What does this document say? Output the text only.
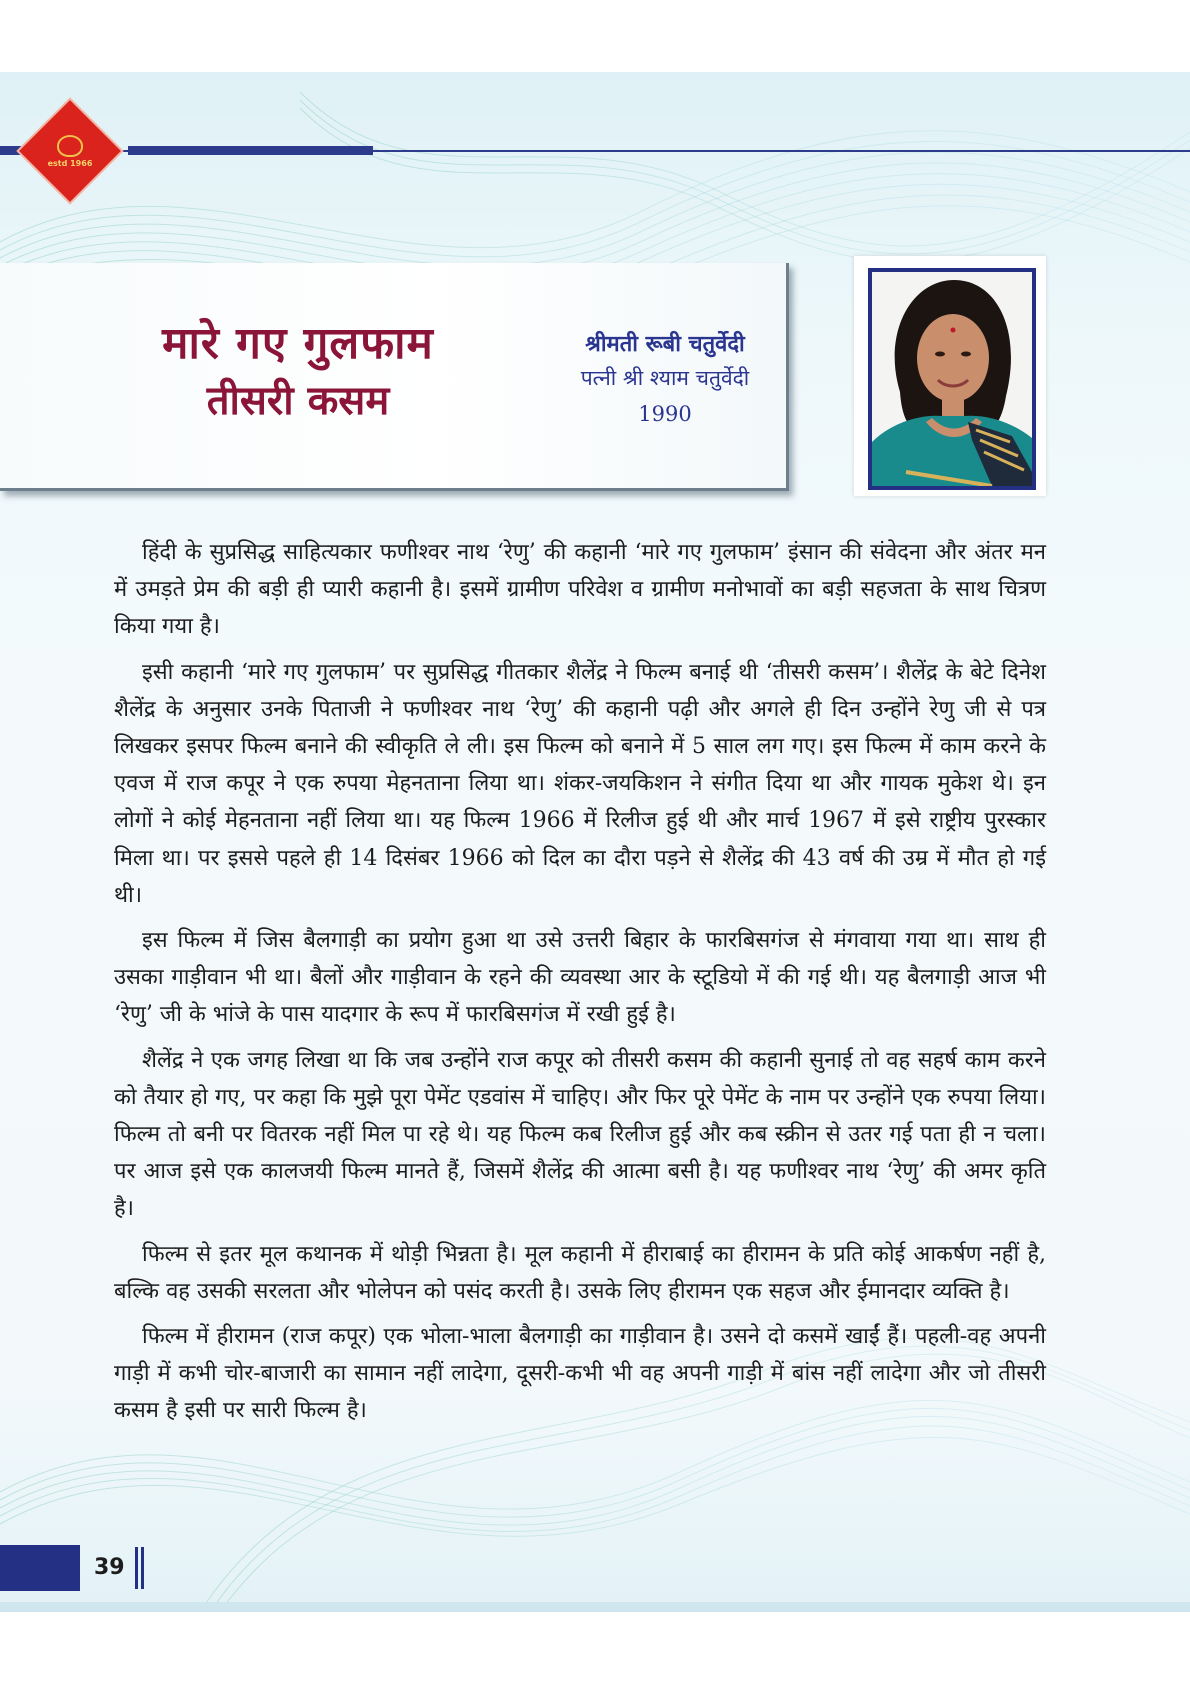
estd 1966
मारे गए गुलफाम
तीसरी कसम
श्रीमती रूबी चतुर्वेदी
पत्नी श्री श्याम चतुर्वेदी
1990

हिंदी के सुप्रसिद्ध साहित्यकार फणीश्वर नाथ ‘रेणु’ की कहानी ‘मारे गए गुलफाम’ इंसान की संवेदना और अंतर मन में उमड़ते प्रेम की बड़ी ही प्यारी कहानी है। इसमें ग्रामीण परिवेश व ग्रामीण मनोभावों का बड़ी सहजता के साथ चित्रण किया गया है।

इसी कहानी ‘मारे गए गुलफाम’ पर सुप्रसिद्ध गीतकार शैलेंद्र ने फिल्म बनाई थी ‘तीसरी कसम’। शैलेंद्र के बेटे दिनेश शैलेंद्र के अनुसार उनके पिताजी ने फणीश्वर नाथ ‘रेणु’ की कहानी पढ़ी और अगले ही दिन उन्होंने रेणु जी से पत्र लिखकर इसपर फिल्म बनाने की स्वीकृति ले ली। इस फिल्म को बनाने में 5 साल लग गए। इस फिल्म में काम करने के एवज में राज कपूर ने एक रुपया मेहनताना लिया था। शंकर-जयकिशन ने संगीत दिया था और गायक मुकेश थे। इन लोगों ने कोई मेहनताना नहीं लिया था। यह फिल्म 1966 में रिलीज हुई थी और मार्च 1967 में इसे राष्ट्रीय पुरस्कार मिला था। पर इससे पहले ही 14 दिसंबर 1966 को दिल का दौरा पड़ने से शैलेंद्र की 43 वर्ष की उम्र में मौत हो गई थी।

इस फिल्म में जिस बैलगाड़ी का प्रयोग हुआ था उसे उत्तरी बिहार के फारबिसगंज से मंगवाया गया था। साथ ही उसका गाड़ीवान भी था। बैलों और गाड़ीवान के रहने की व्यवस्था आर के स्टूडियो में की गई थी। यह बैलगाड़ी आज भी ‘रेणु’ जी के भांजे के पास यादगार के रूप में फारबिसगंज में रखी हुई है।

शैलेंद्र ने एक जगह लिखा था कि जब उन्होंने राज कपूर को तीसरी कसम की कहानी सुनाई तो वह सहर्ष काम करने को तैयार हो गए, पर कहा कि मुझे पूरा पेमेंट एडवांस में चाहिए। और फिर पूरे पेमेंट के नाम पर उन्होंने एक रुपया लिया। फिल्म तो बनी पर वितरक नहीं मिल पा रहे थे। यह फिल्म कब रिलीज हुई और कब स्क्रीन से उतर गई पता ही न चला। पर आज इसे एक कालजयी फिल्म मानते हैं, जिसमें शैलेंद्र की आत्मा बसी है। यह फणीश्वर नाथ ‘रेणु’ की अमर कृति है।

फिल्म से इतर मूल कथानक में थोड़ी भिन्नता है। मूल कहानी में हीराबाई का हीरामन के प्रति कोई आकर्षण नहीं है, बल्कि वह उसकी सरलता और भोलेपन को पसंद करती है। उसके लिए हीरामन एक सहज और ईमानदार व्यक्ति है।

फिल्म में हीरामन (राज कपूर) एक भोला-भाला बैलगाड़ी का गाड़ीवान है। उसने दो कसमें खाईं हैं। पहली-वह अपनी गाड़ी में कभी चोर-बाजारी का सामान नहीं लादेगा, दूसरी-कभी भी वह अपनी गाड़ी में बांस नहीं लादेगा और जो तीसरी कसम है इसी पर सारी फिल्म है।

39
